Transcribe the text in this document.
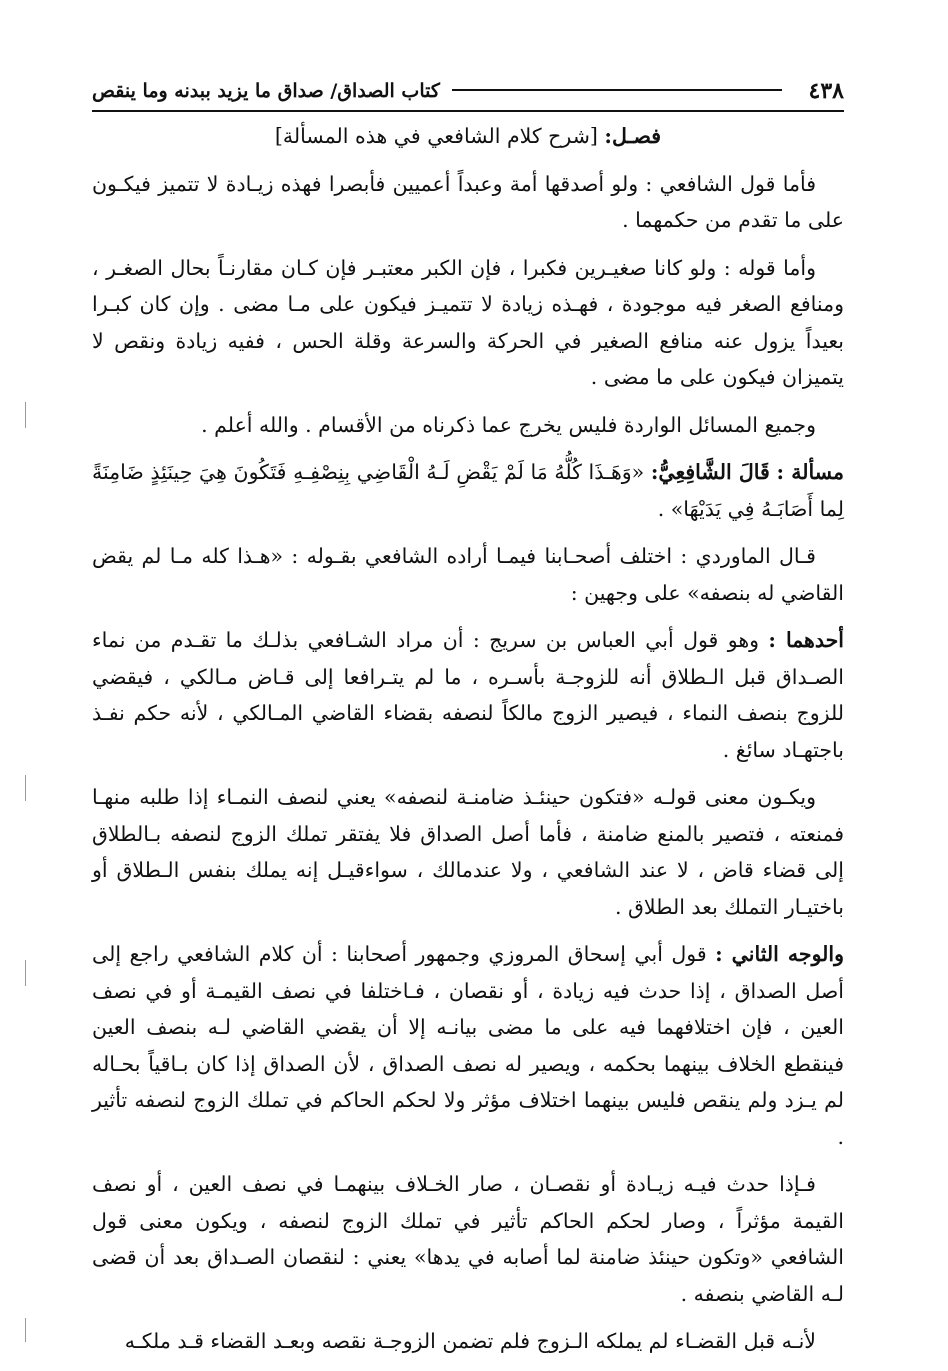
٤٣٨
كتاب الصداق/ صداق ما يزيد ببدنه وما ينقص

فصـل: [شرح كلام الشافعي في هذه المسألة]

فأما قول الشافعي : ولو أصدقها أمة وعبداً أعميين فأبصرا فهذه زيـادة لا تتميز فيكـون على ما تقدم من حكمهما .

وأما قوله : ولو كانا صغيـرين فكبرا ، فإن الكبر معتبـر فإن كـان مقارنـاً بحال الصغـر ، ومنافع الصغر فيه موجودة ، فهـذه زيادة لا تتميـز فيكون على مـا مضى . وإن كان كبـرا بعيداً يزول عنه منافع الصغير في الحركة والسرعة وقلة الحس ، ففيه زيادة ونقص لا يتميزان فيكون على ما مضى .

وجميع المسائل الواردة فليس يخرج عما ذكرناه من الأقسام . والله أعلم .

مسألة : قَالَ الشَّافِعِيُّ: «وَهَـذَا كُلُّهُ مَا لَمْ يَقْضِ لَـهُ الْقَاضِي بِنِصْفِـهِ فَتَكُونَ هِيَ حِينَئِذٍ ضَامِنَةً لِما أَصَابَـهُ فِي يَدَيْهَا» .

قـال الماوردي : اختلف أصحـابنا فيمـا أراده الشافعي بقـوله : «هـذا كله مـا لم يقض القاضي له بنصفه» على وجهين :

أحدهما : وهو قول أبي العباس بن سريج : أن مراد الشـافعي بذلـك ما تقـدم من نماء الصـداق قبل الـطلاق أنه للزوجـة بأسـره ، ما لم يتـرافعا إلى قـاض مـالكي ، فيقضي للزوج بنصف النماء ، فيصير الزوج مالكاً لنصفه بقضاء القاضي المـالكي ، لأنه حكم نفـذ باجتهـاد سائغ .

ويكـون معنى قولـه «فتكون حينئـذ ضامنـة لنصفه» يعني لنصف النمـاء إذا طلبه منهـا فمنعته ، فتصير بالمنع ضامنة ، فأما أصل الصداق فلا يفتقر تملك الزوج لنصفه بـالطلاق إلى قضاء قاض ، لا عند الشافعي ، ولا عندمالك ، سواءقيـل إنه يملك بنفس الـطلاق أو باختيـار التملك بعد الطلاق .

والوجه الثاني : قول أبي إسحاق المروزي وجمهور أصحابنا : أن كلام الشافعي راجع إلى أصل الصداق ، إذا حدث فيه زيادة ، أو نقصان ، فـاختلفا في نصف القيمـة أو في نصف العين ، فإن اختلافهما فيه على ما مضى بيانـه إلا أن يقضي القاضي لـه بنصف العين فينقطع الخلاف بينهما بحكمه ، ويصير له نصف الصداق ، لأن الصداق إذا كان بـاقياً بحـاله لم يـزد ولم ينقص فليس بينهما اختلاف مؤثر ولا لحكم الحاكم في تملك الزوج لنصفه تأثير .

فـإذا حدث فيـه زيـادة أو نقصـان ، صار الخـلاف بينهمـا في نصف العين ، أو نصف القيمة مؤثراً ، وصار لحكم الحاكم تأثير في تملك الزوج لنصفه ، ويكون معنى قول الشافعي «وتكون حينئذ ضامنة لما أصابه في يدها» يعني : لنقصان الصـداق بعد أن قضى لـه القاضي بنصفه .

لأنـه قبل القضـاء لم يملكه الـزوج فلم تضمن الزوجـة نقصه وبعـد القضاء قـد ملكـه
